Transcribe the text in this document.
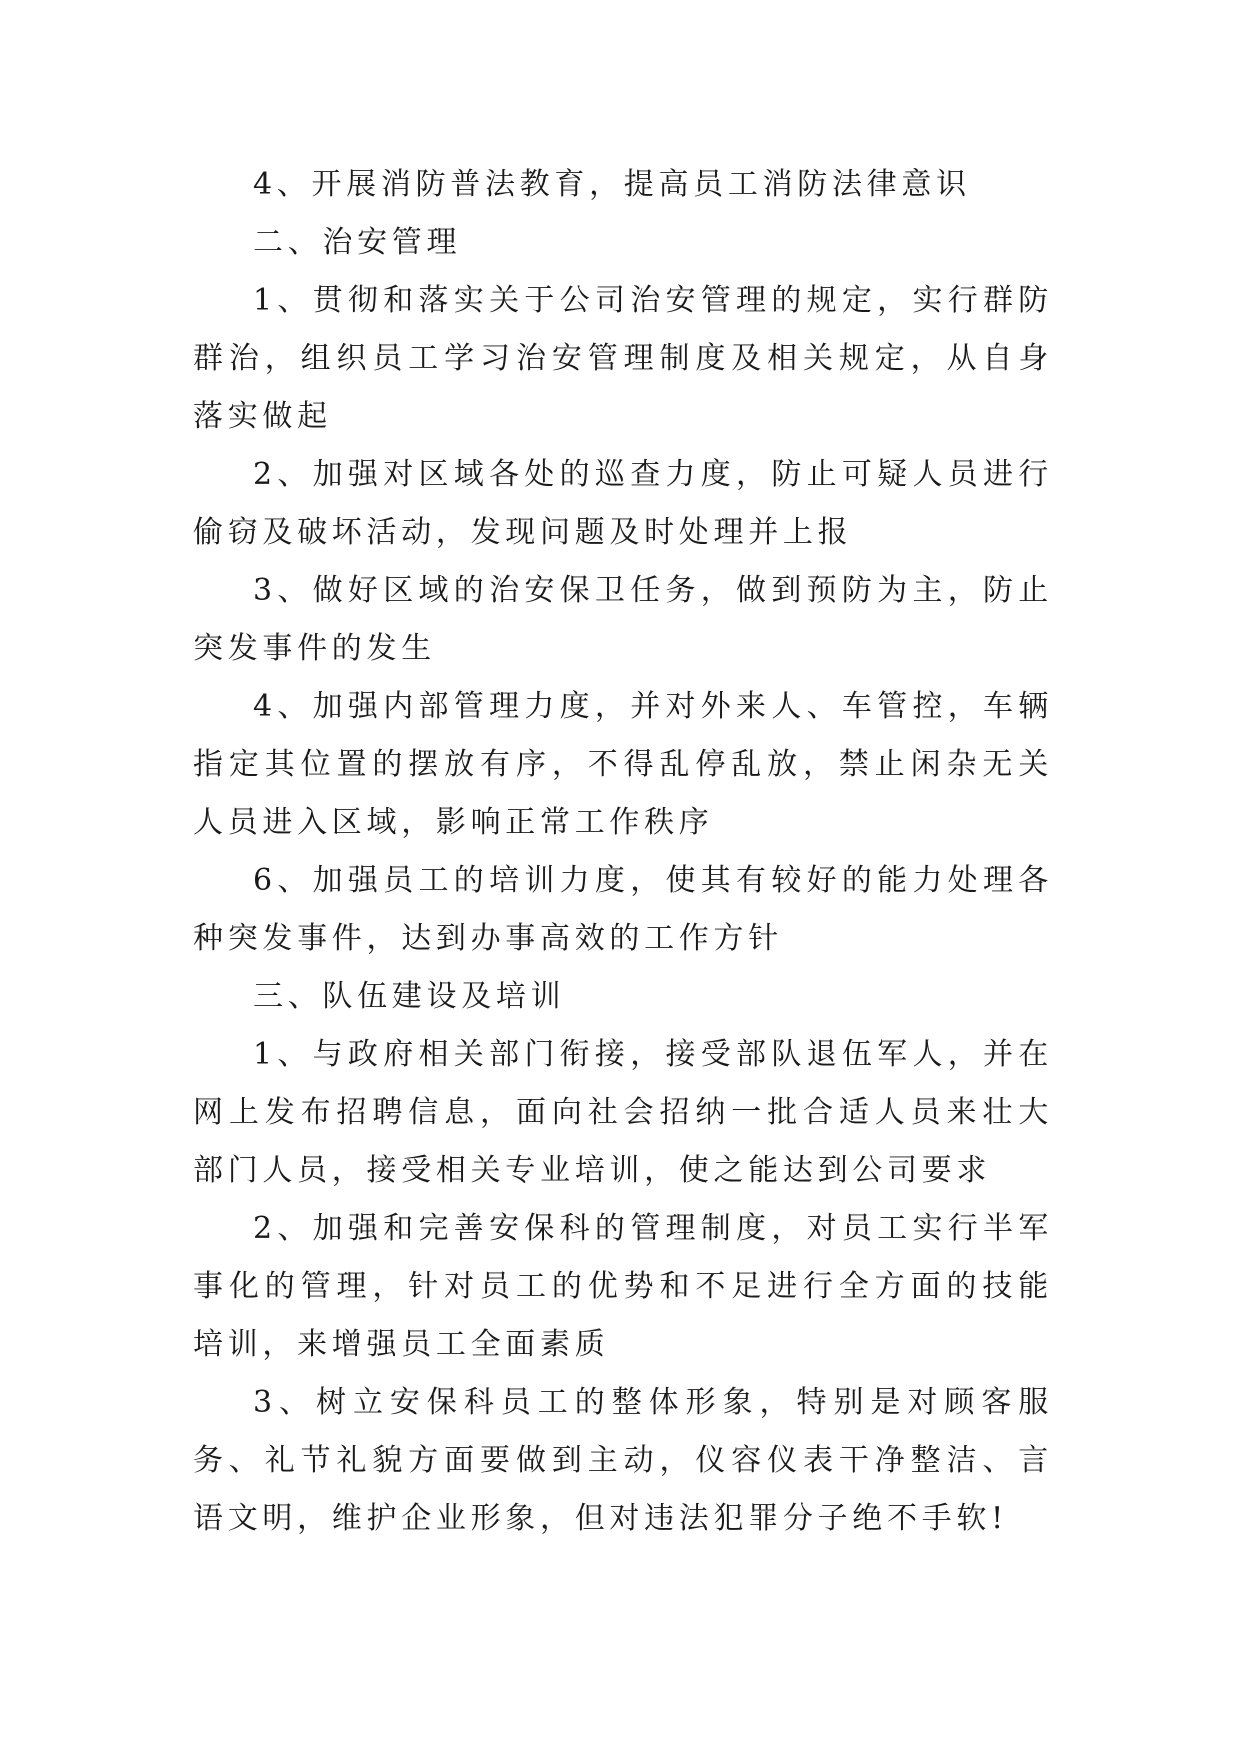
4、开展消防普法教育，提高员工消防法律意识

二、治安管理

1、贯彻和落实关于公司治安管理的规定，实行群防群治，组织员工学习治安管理制度及相关规定，从自身落实做起

2、加强对区域各处的巡查力度，防止可疑人员进行偷窃及破坏活动，发现问题及时处理并上报

3、做好区域的治安保卫任务，做到预防为主，防止突发事件的发生

4、加强内部管理力度，并对外来人、车管控，车辆指定其位置的摆放有序，不得乱停乱放，禁止闲杂无关人员进入区域，影响正常工作秩序

6、加强员工的培训力度，使其有较好的能力处理各种突发事件，达到办事高效的工作方针

三、队伍建设及培训

1、与政府相关部门衔接，接受部队退伍军人，并在网上发布招聘信息，面向社会招纳一批合适人员来壮大部门人员，接受相关专业培训，使之能达到公司要求

2、加强和完善安保科的管理制度，对员工实行半军事化的管理，针对员工的优势和不足进行全方面的技能培训，来增强员工全面素质

3、树立安保科员工的整体形象，特别是对顾客服务、礼节礼貌方面要做到主动，仪容仪表干净整洁、言语文明，维护企业形象，但对违法犯罪分子绝不手软!
